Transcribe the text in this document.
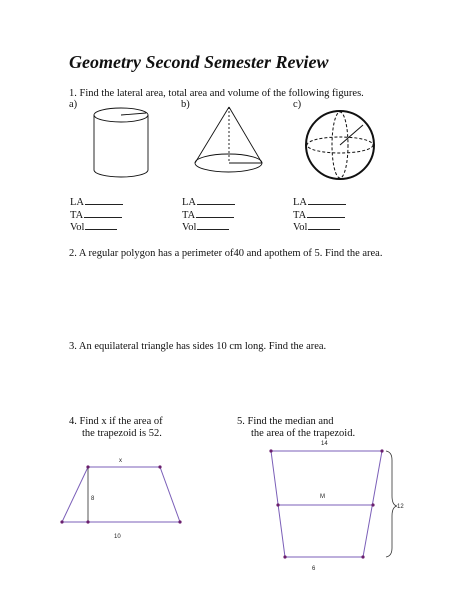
Geometry Second Semester Review
1. Find the lateral area, total area and volume of the following figures.
a)	b)	c)
LA
TA
Vol
LA
TA
Vol
LA
TA
Vol
2. A regular polygon has a perimeter of40 and apothem of 5. Find the area.
3. An equilateral triangle has sides 10 cm long. Find the area.
4. Find x if the area of
the trapezoid is 52.
x
8
10
5. Find the median and
the area of the trapezoid.
14
M
6
12
